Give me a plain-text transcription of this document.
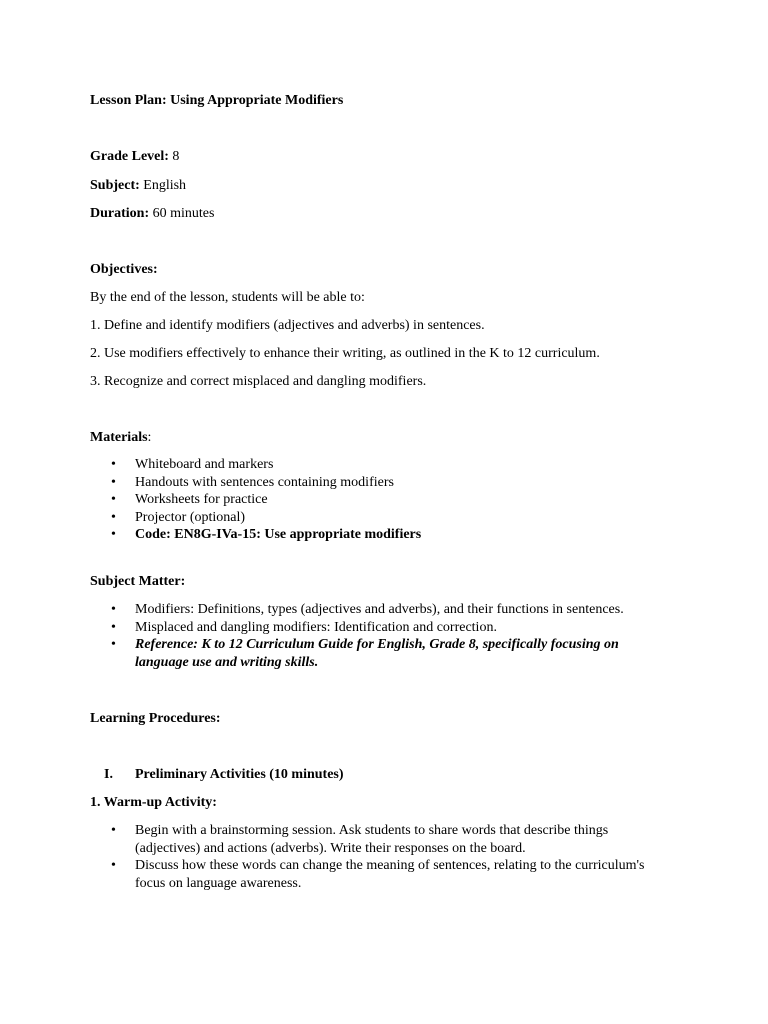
Lesson Plan: Using Appropriate Modifiers
Grade Level: 8
Subject: English
Duration: 60 minutes
Objectives:
By the end of the lesson, students will be able to:
1. Define and identify modifiers (adjectives and adverbs) in sentences.
2. Use modifiers effectively to enhance their writing, as outlined in the K to 12 curriculum.
3. Recognize and correct misplaced and dangling modifiers.
Materials:
• Whiteboard and markers
• Handouts with sentences containing modifiers
• Worksheets for practice
• Projector (optional)
• Code: EN8G-IVa-15: Use appropriate modifiers
Subject Matter:
• Modifiers: Definitions, types (adjectives and adverbs), and their functions in sentences.
• Misplaced and dangling modifiers: Identification and correction.
• Reference: K to 12 Curriculum Guide for English, Grade 8, specifically focusing on language use and writing skills.
Learning Procedures:
I. Preliminary Activities (10 minutes)
1. Warm-up Activity:
• Begin with a brainstorming session. Ask students to share words that describe things (adjectives) and actions (adverbs). Write their responses on the board.
• Discuss how these words can change the meaning of sentences, relating to the curriculum's focus on language awareness.
